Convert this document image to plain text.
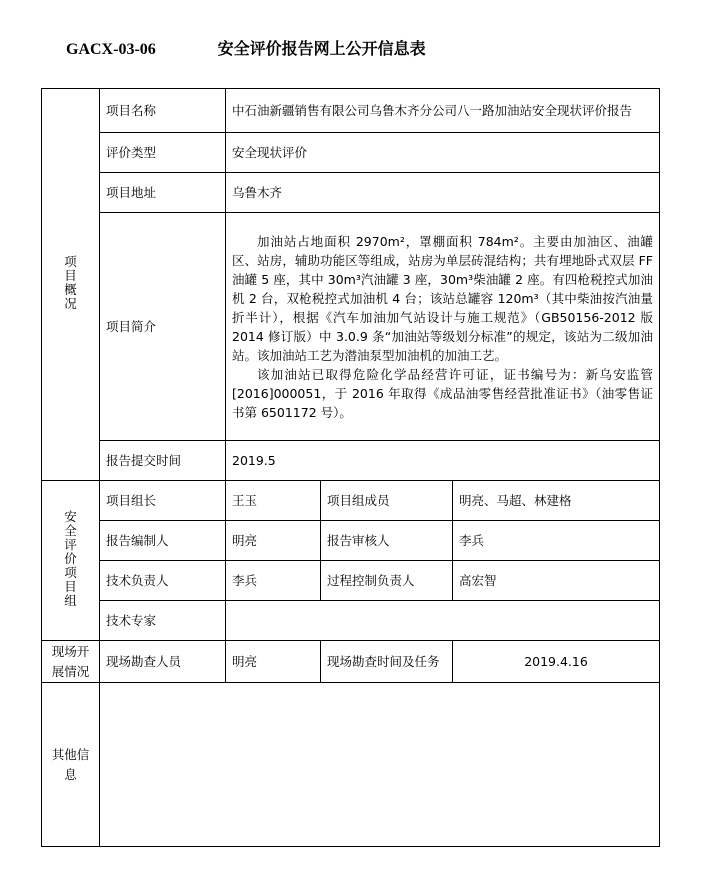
GACX-03-06	安全评价报告网上公开信息表
项目概况	项目名称	中石油新疆销售有限公司乌鲁木齐分公司八一路加油站安全现状评价报告		
	评价类型	安全现状评价		
	项目地址	乌鲁木齐		
	项目简介	加油站占地面积 2970m²，罩棚面积 784m²。主要由加油区、油罐区、站房，辅助功能区等组成，站房为单层砖混结构；共有埋地卧式双层 FF 油罐 5 座，其中 30m³汽油罐 3 座，30m³柴油罐 2 座。有四枪税控式加油机 2 台，双枪税控式加油机 4 台；该站总罐容 120m³（其中柴油按汽油量折半计），根据《汽车加油加气站设计与施工规范》（GB50156-2012 版 2014 修订版）中 3.0.9 条“加油站等级划分标准”的规定，该站为二级加油站。该加油站工艺为潜油泵型加油机的加油工艺。

该加油站已取得危险化学品经营许可证，证书编号为：新乌安监管[2016]000051，于 2016 年取得《成品油零售经营批准证书》（油零售证书第 6501172 号）。		

	报告提交时间	2019.5		
安全评价项目组	项目组长	王玉	项目组成员	明亮、马超、林建格
	报告编制人	明亮	报告审核人	李兵
	技术负责人	李兵	过程控制负责人	高宏智
	技术专家			
现场开展情况	现场勘查人员	明亮	现场勘查时间及任务	2019.4.16
其他信息				
